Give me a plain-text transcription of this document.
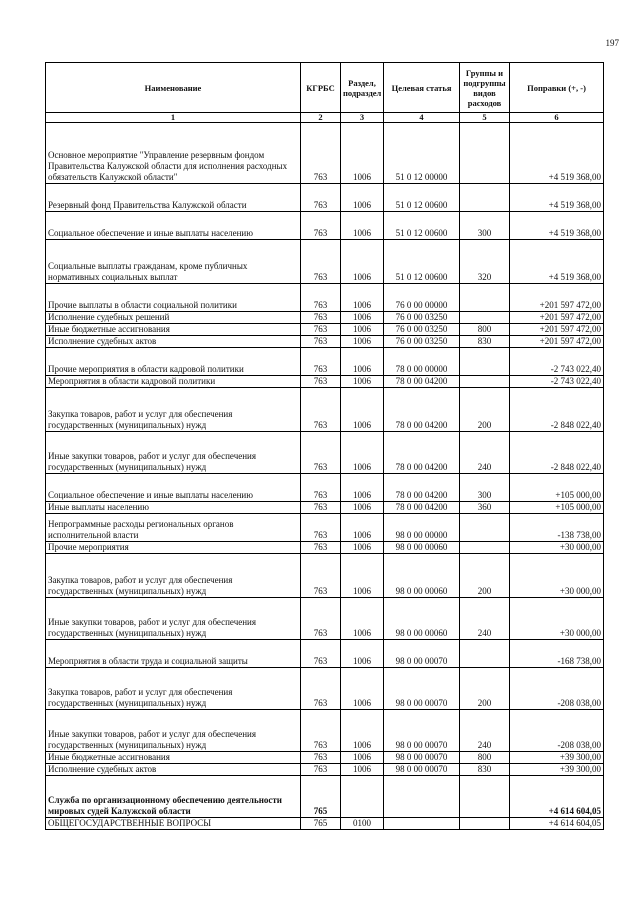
197
Наименование	КГРБС	Раздел, подраздел	Целевая статья	Группы и подгруппы видов расходов	Поправки (+, -)
1	2	3	4	5	6
Основное мероприятие "Управление резервным фондом Правительства Калужской области для исполнения расходных обязательств Калужской области"	763	1006	51 0 12 00000		+4 519 368,00
Резервный фонд Правительства Калужской области	763	1006	51 0 12 00600		+4 519 368,00
Социальное обеспечение и иные выплаты населению	763	1006	51 0 12 00600	300	+4 519 368,00
Социальные выплаты гражданам, кроме публичных нормативных социальных выплат	763	1006	51 0 12 00600	320	+4 519 368,00
Прочие выплаты в области социальной политики	763	1006	76 0 00 00000		+201 597 472,00
Исполнение судебных решений	763	1006	76 0 00 03250		+201 597 472,00
Иные бюджетные ассигнования	763	1006	76 0 00 03250	800	+201 597 472,00
Исполнение судебных актов	763	1006	76 0 00 03250	830	+201 597 472,00
Прочие мероприятия в области кадровой политики	763	1006	78 0 00 00000		-2 743 022,40
Мероприятия в области кадровой политики	763	1006	78 0 00 04200		-2 743 022,40
Закупка товаров, работ и услуг для обеспечения государственных (муниципальных) нужд	763	1006	78 0 00 04200	200	-2 848 022,40
Иные закупки товаров, работ и услуг для обеспечения государственных (муниципальных) нужд	763	1006	78 0 00 04200	240	-2 848 022,40
Социальное обеспечение и иные выплаты населению	763	1006	78 0 00 04200	300	+105 000,00
Иные выплаты населению	763	1006	78 0 00 04200	360	+105 000,00
Непрограммные расходы региональных органов исполнительной власти	763	1006	98 0 00 00000		-138 738,00
Прочие мероприятия	763	1006	98 0 00 00060		+30 000,00
Закупка товаров, работ и услуг для обеспечения государственных (муниципальных) нужд	763	1006	98 0 00 00060	200	+30 000,00
Иные закупки товаров, работ и услуг для обеспечения государственных (муниципальных) нужд	763	1006	98 0 00 00060	240	+30 000,00
Мероприятия в области труда и социальной защиты	763	1006	98 0 00 00070		-168 738,00
Закупка товаров, работ и услуг для обеспечения государственных (муниципальных) нужд	763	1006	98 0 00 00070	200	-208 038,00
Иные закупки товаров, работ и услуг для обеспечения государственных (муниципальных) нужд	763	1006	98 0 00 00070	240	-208 038,00
Иные бюджетные ассигнования	763	1006	98 0 00 00070	800	+39 300,00
Исполнение судебных актов	763	1006	98 0 00 00070	830	+39 300,00
Служба по организационному обеспечению деятельности мировых судей Калужской области	765				+4 614 604,05
ОБЩЕГОСУДАРСТВЕННЫЕ ВОПРОСЫ	765	0100			+4 614 604,05
